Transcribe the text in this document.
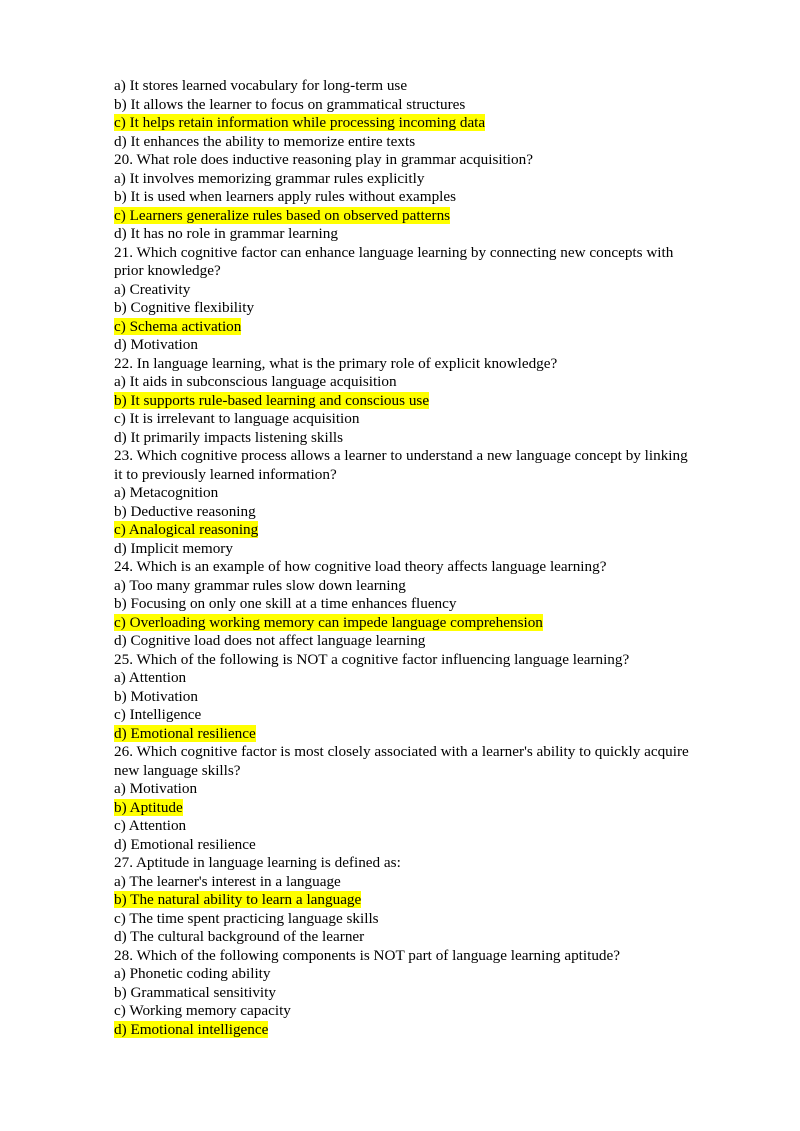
a) It stores learned vocabulary for long-term use
b) It allows the learner to focus on grammatical structures
c) It helps retain information while processing incoming data
d) It enhances the ability to memorize entire texts
20. What role does inductive reasoning play in grammar acquisition?
a) It involves memorizing grammar rules explicitly
b) It is used when learners apply rules without examples
c) Learners generalize rules based on observed patterns
d) It has no role in grammar learning
21. Which cognitive factor can enhance language learning by connecting new concepts with prior knowledge?
a) Creativity
b) Cognitive flexibility
c) Schema activation
d) Motivation
22. In language learning, what is the primary role of explicit knowledge?
a) It aids in subconscious language acquisition
b) It supports rule-based learning and conscious use
c) It is irrelevant to language acquisition
d) It primarily impacts listening skills
23. Which cognitive process allows a learner to understand a new language concept by linking it to previously learned information?
a) Metacognition
b) Deductive reasoning
c) Analogical reasoning
d) Implicit memory
24. Which is an example of how cognitive load theory affects language learning?
a) Too many grammar rules slow down learning
b) Focusing on only one skill at a time enhances fluency
c) Overloading working memory can impede language comprehension
d) Cognitive load does not affect language learning
25. Which of the following is NOT a cognitive factor influencing language learning?
a) Attention
b) Motivation
c) Intelligence
d) Emotional resilience
26. Which cognitive factor is most closely associated with a learner's ability to quickly acquire new language skills?
a) Motivation
b) Aptitude
c) Attention
d) Emotional resilience
27. Aptitude in language learning is defined as:
a) The learner's interest in a language
b) The natural ability to learn a language
c) The time spent practicing language skills
d) The cultural background of the learner
28. Which of the following components is NOT part of language learning aptitude?
a) Phonetic coding ability
b) Grammatical sensitivity
c) Working memory capacity
d) Emotional intelligence
